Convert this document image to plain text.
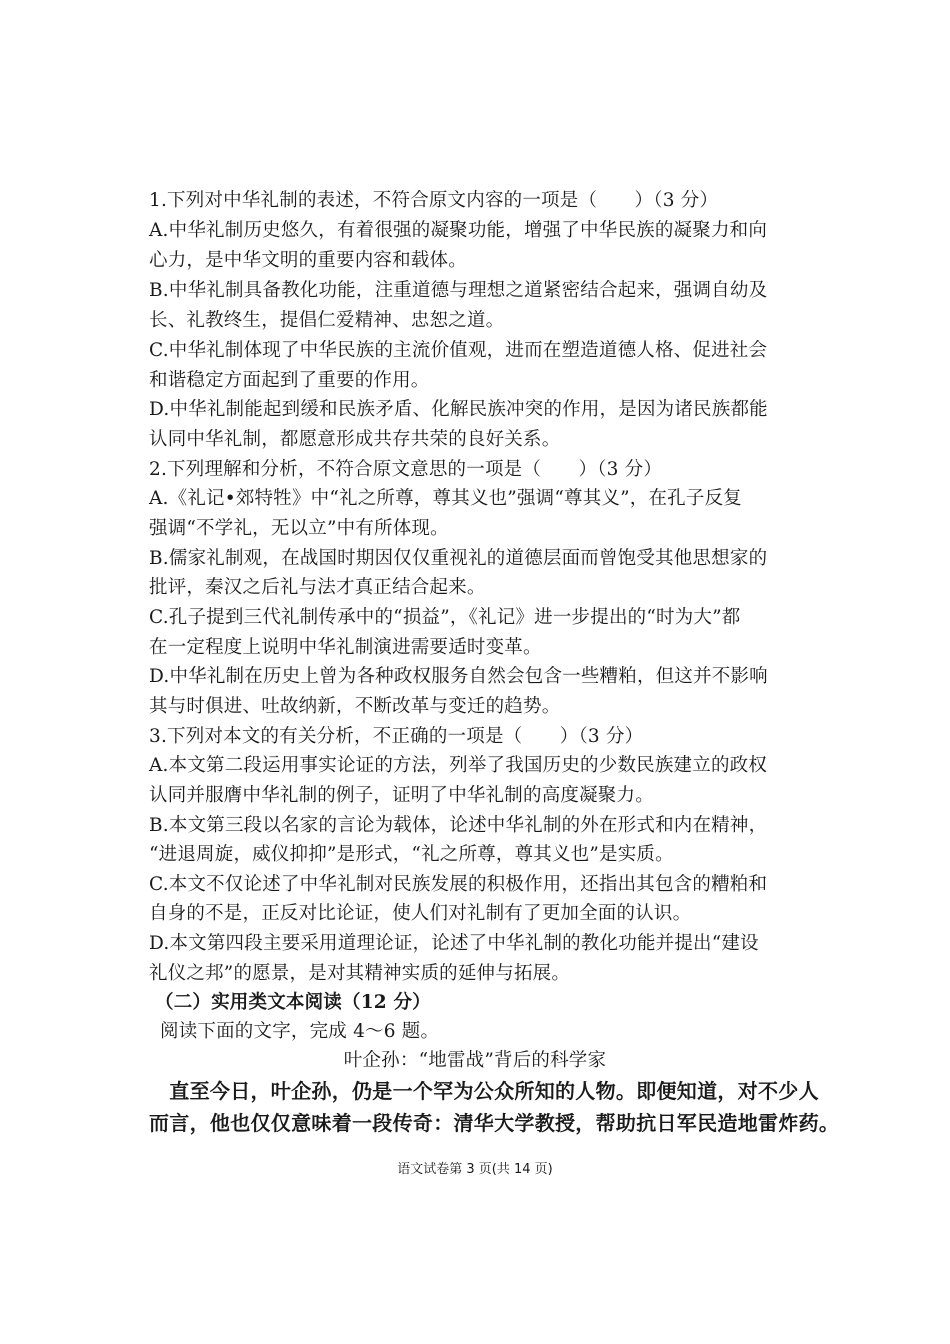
1.下列对中华礼制的表述，不符合原文内容的一项是（　　）（3 分）
A.中华礼制历史悠久，有着很强的凝聚功能，增强了中华民族的凝聚力和向
心力，是中华文明的重要内容和载体。
B.中华礼制具备教化功能，注重道德与理想之道紧密结合起来，强调自幼及
长、礼教终生，提倡仁爱精神、忠恕之道。
C.中华礼制体现了中华民族的主流价值观，进而在塑造道德人格、促进社会
和谐稳定方面起到了重要的作用。
D.中华礼制能起到缓和民族矛盾、化解民族冲突的作用，是因为诸民族都能
认同中华礼制，都愿意形成共存共荣的良好关系。
2.下列理解和分析，不符合原文意思的一项是（　　）（3 分）
A.《礼记•郊特牲》中“礼之所尊，尊其义也”强调“尊其义”，在孔子反复
强调“不学礼，无以立”中有所体现。
B.儒家礼制观，在战国时期因仅仅重视礼的道德层面而曾饱受其他思想家的
批评，秦汉之后礼与法才真正结合起来。
C.孔子提到三代礼制传承中的“损益”，《礼记》进一步提出的“时为大”都
在一定程度上说明中华礼制演进需要适时变革。
D.中华礼制在历史上曾为各种政权服务自然会包含一些糟粕，但这并不影响
其与时俱进、吐故纳新，不断改革与变迁的趋势。
3.下列对本文的有关分析，不正确的一项是（　　）（3 分）
A.本文第二段运用事实论证的方法，列举了我国历史的少数民族建立的政权
认同并服膺中华礼制的例子，证明了中华礼制的高度凝聚力。
B.本文第三段以名家的言论为载体，论述中华礼制的外在形式和内在精神，
“进退周旋，威仪抑抑”是形式，“礼之所尊，尊其义也”是实质。
C.本文不仅论述了中华礼制对民族发展的积极作用，还指出其包含的糟粕和
自身的不是，正反对比论证，使人们对礼制有了更加全面的认识。
D.本文第四段主要采用道理论证，论述了中华礼制的教化功能并提出“建设
礼仪之邦”的愿景，是对其精神实质的延伸与拓展。
（二）实用类文本阅读（12 分）
阅读下面的文字，完成 4～6 题。
叶企孙：“地雷战”背后的科学家
　直至今日，叶企孙，仍是一个罕为公众所知的人物。即便知道，对不少人
而言，他也仅仅意味着一段传奇：清华大学教授，帮助抗日军民造地雷炸药。
语文试卷第 3 页(共 14 页)
